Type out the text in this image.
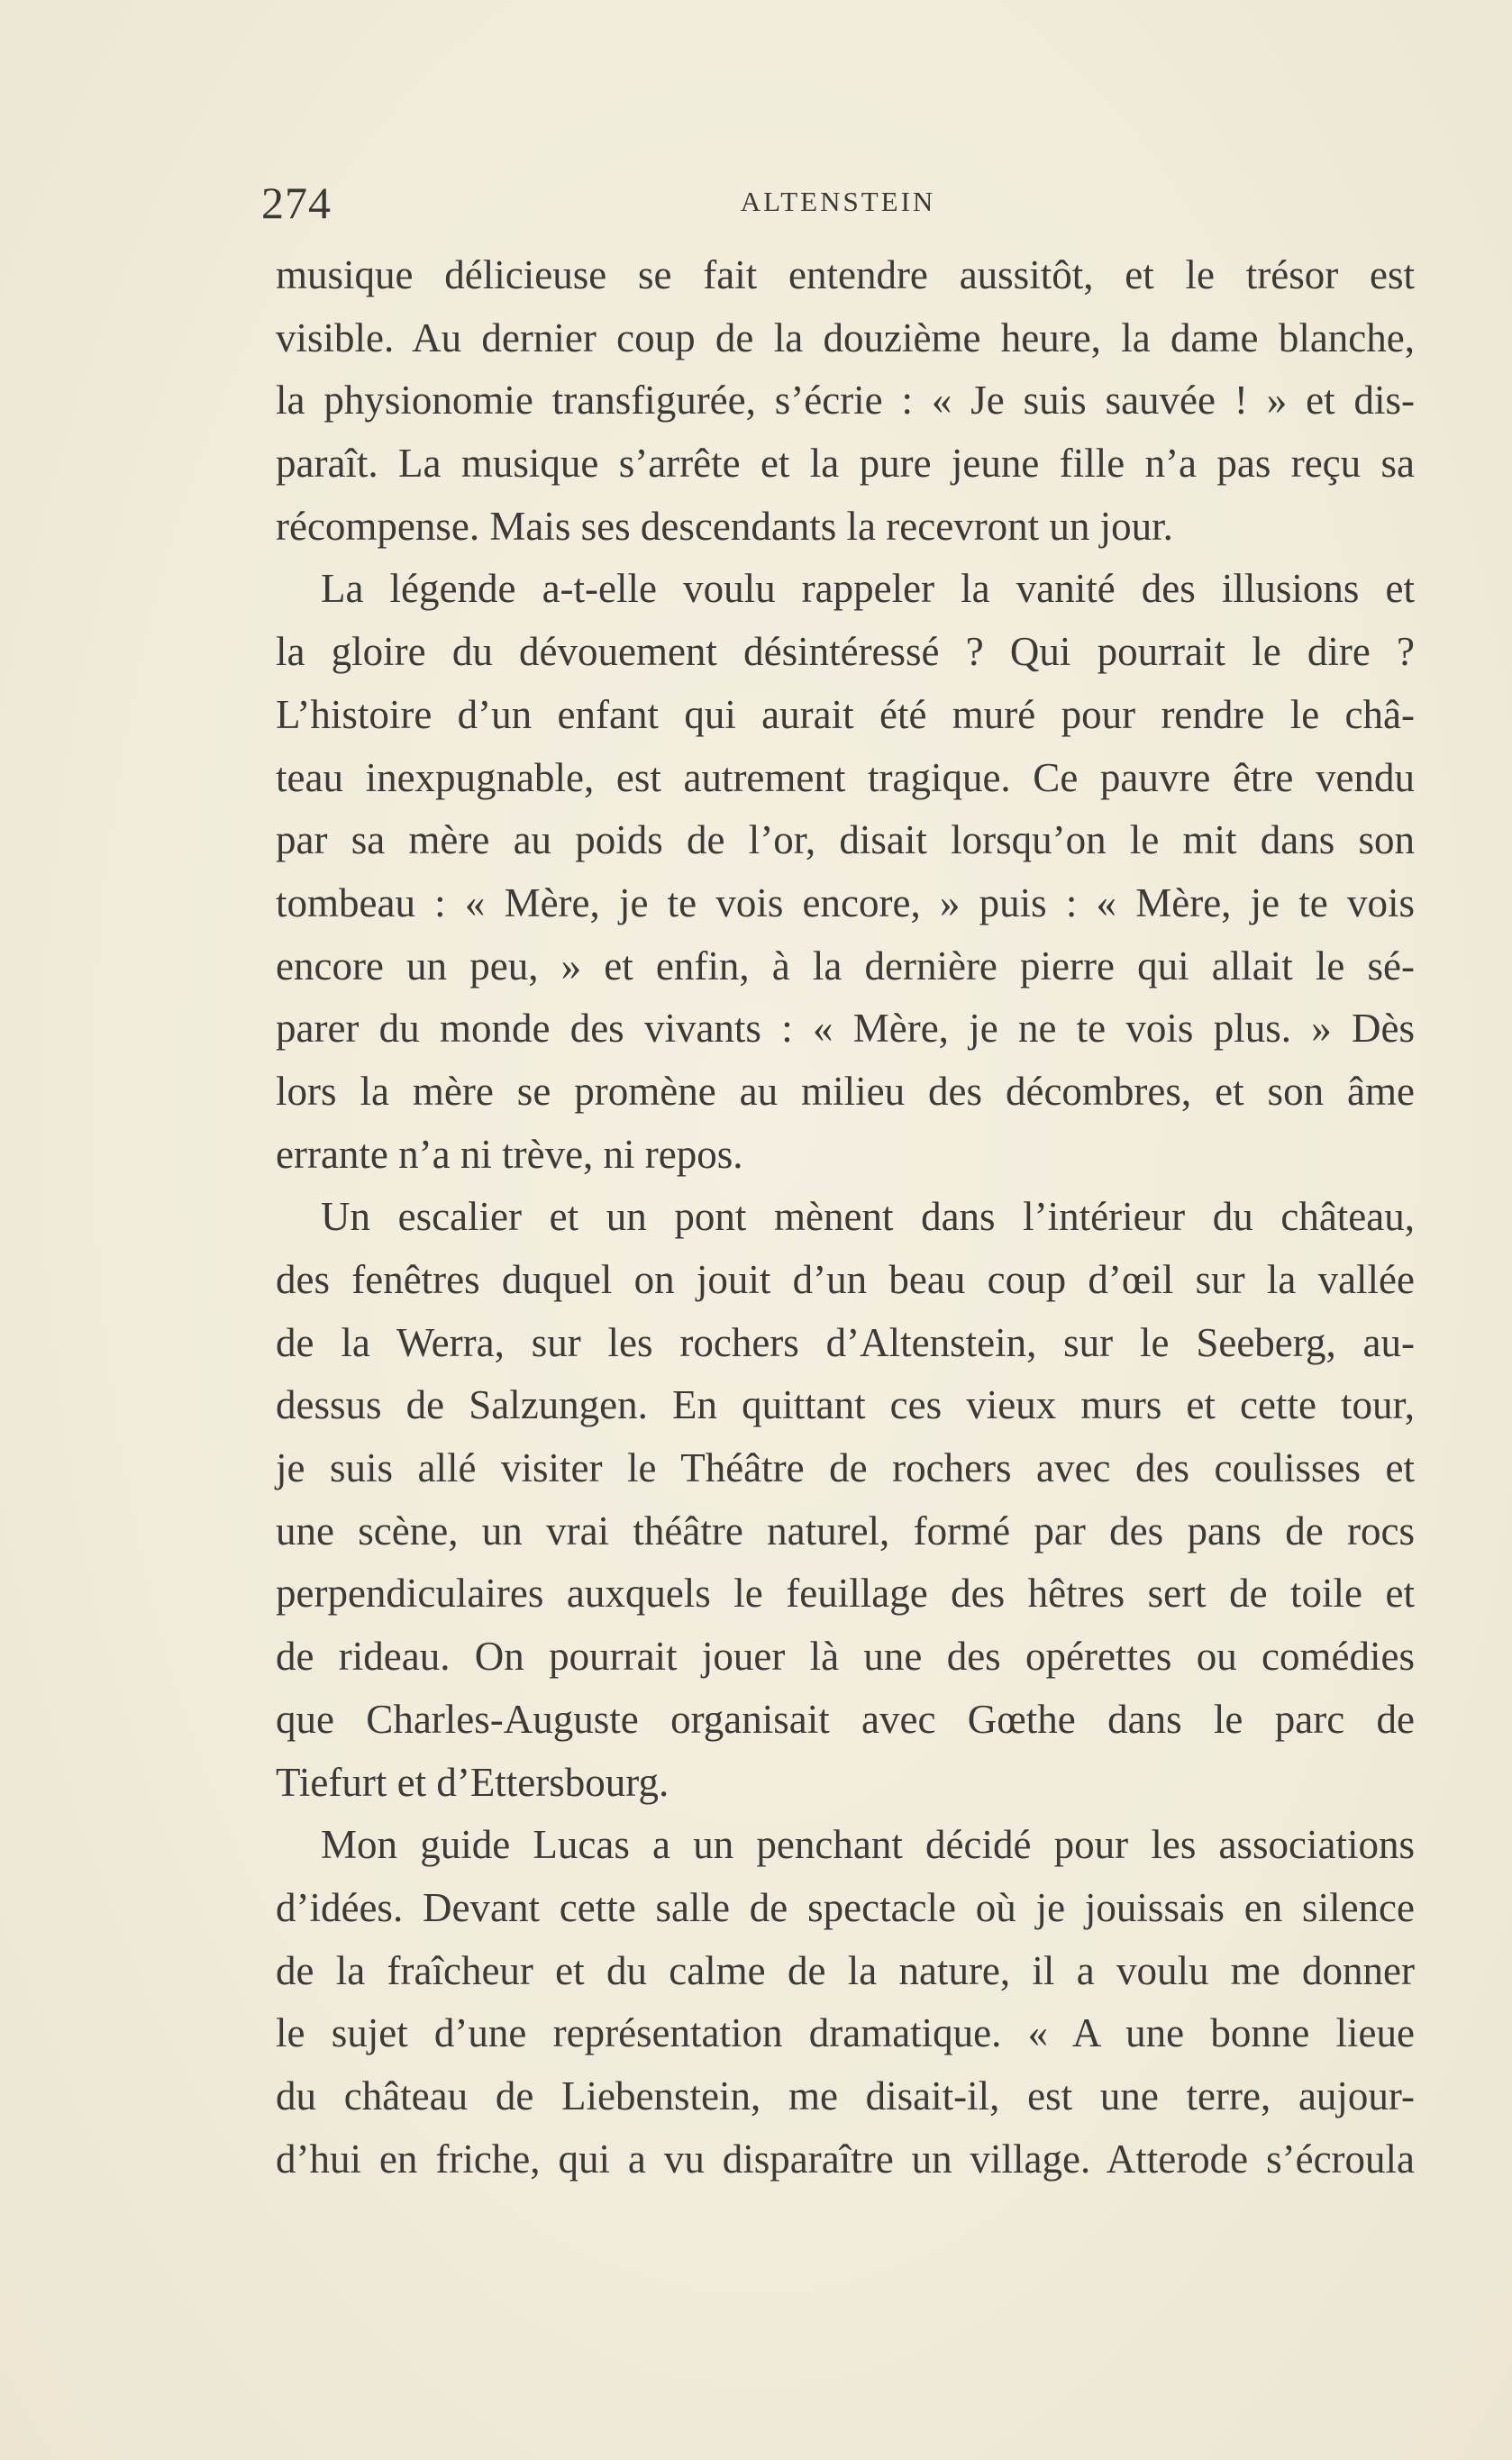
274	ALTENSTEIN
musique délicieuse se fait entendre aussitôt, et le trésor est
visible. Au dernier coup de la douzième heure, la dame blanche,
la physionomie transfigurée, s’écrie : « Je suis sauvée ! » et dis-
paraît. La musique s’arrête et la pure jeune fille n’a pas reçu sa
récompense. Mais ses descendants la recevront un jour.
La légende a-t-elle voulu rappeler la vanité des illusions et
la gloire du dévouement désintéressé ? Qui pourrait le dire ?
L’histoire d’un enfant qui aurait été muré pour rendre le châ-
teau inexpugnable, est autrement tragique. Ce pauvre être vendu
par sa mère au poids de l’or, disait lorsqu’on le mit dans son
tombeau : « Mère, je te vois encore, » puis : « Mère, je te vois
encore un peu, » et enfin, à la dernière pierre qui allait le sé-
parer du monde des vivants : « Mère, je ne te vois plus. » Dès
lors la mère se promène au milieu des décombres, et son âme
errante n’a ni trève, ni repos.
Un escalier et un pont mènent dans l’intérieur du château,
des fenêtres duquel on jouit d’un beau coup d’œil sur la vallée
de la Werra, sur les rochers d’Altenstein, sur le Seeberg, au-
dessus de Salzungen. En quittant ces vieux murs et cette tour,
je suis allé visiter le Théâtre de rochers avec des coulisses et
une scène, un vrai théâtre naturel, formé par des pans de rocs
perpendiculaires auxquels le feuillage des hêtres sert de toile et
de rideau. On pourrait jouer là une des opérettes ou comédies
que Charles-Auguste organisait avec Gœthe dans le parc de
Tiefurt et d’Ettersbourg.
Mon guide Lucas a un penchant décidé pour les associations
d’idées. Devant cette salle de spectacle où je jouissais en silence
de la fraîcheur et du calme de la nature, il a voulu me donner
le sujet d’une représentation dramatique. « A une bonne lieue
du château de Liebenstein, me disait-il, est une terre, aujour-
d’hui en friche, qui a vu disparaître un village. Atterode s’écroula
